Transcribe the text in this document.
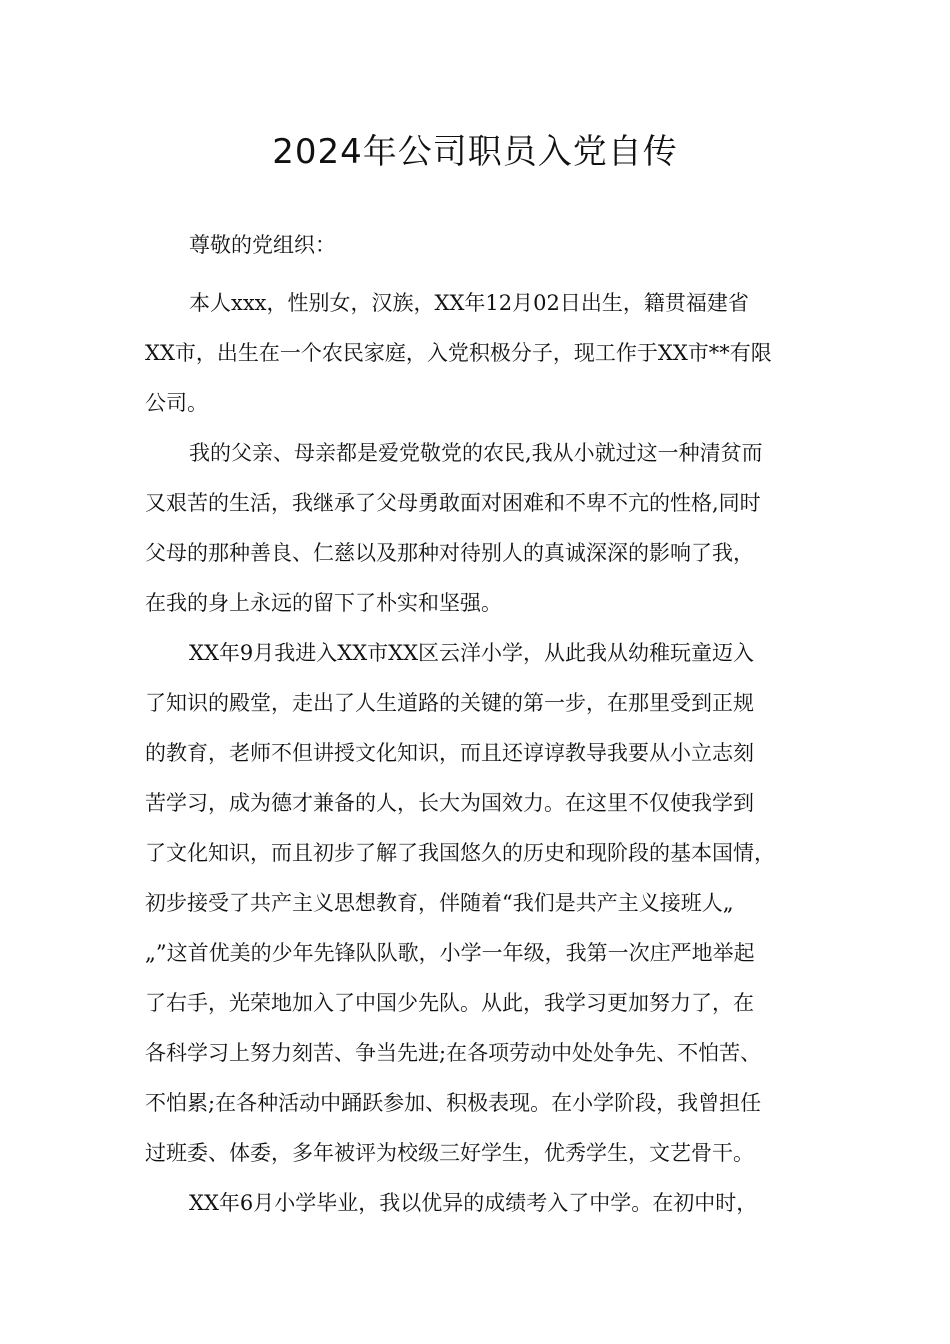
2024年公司职员入党自传
尊敬的党组织：
本人xxx，性别女，汉族，XX年12月02日出生，籍贯福建省
XX市，出生在一个农民家庭，入党积极分子，现工作于XX市**有限
公司。
我的父亲、母亲都是爱党敬党的农民,我从小就过这一种清贫而
又艰苦的生活，我继承了父母勇敢面对困难和不卑不亢的性格,同时
父母的那种善良、仁慈以及那种对待别人的真诚深深的影响了我，
在我的身上永远的留下了朴实和坚强。
XX年9月我进入XX市XX区云洋小学，从此我从幼稚玩童迈入
了知识的殿堂，走出了人生道路的关键的第一步，在那里受到正规
的教育，老师不但讲授文化知识，而且还谆谆教导我要从小立志刻
苦学习，成为德才兼备的人，长大为国效力。在这里不仅使我学到
了文化知识，而且初步了解了我国悠久的历史和现阶段的基本国情，
初步接受了共产主义思想教育，伴随着“我们是共产主义接班人„
„”这首优美的少年先锋队队歌，小学一年级，我第一次庄严地举起
了右手，光荣地加入了中国少先队。从此，我学习更加努力了，在
各科学习上努力刻苦、争当先进;在各项劳动中处处争先、不怕苦、
不怕累;在各种活动中踊跃参加、积极表现。在小学阶段，我曾担任
过班委、体委，多年被评为校级三好学生，优秀学生，文艺骨干。
XX年6月小学毕业，我以优异的成绩考入了中学。在初中时，
